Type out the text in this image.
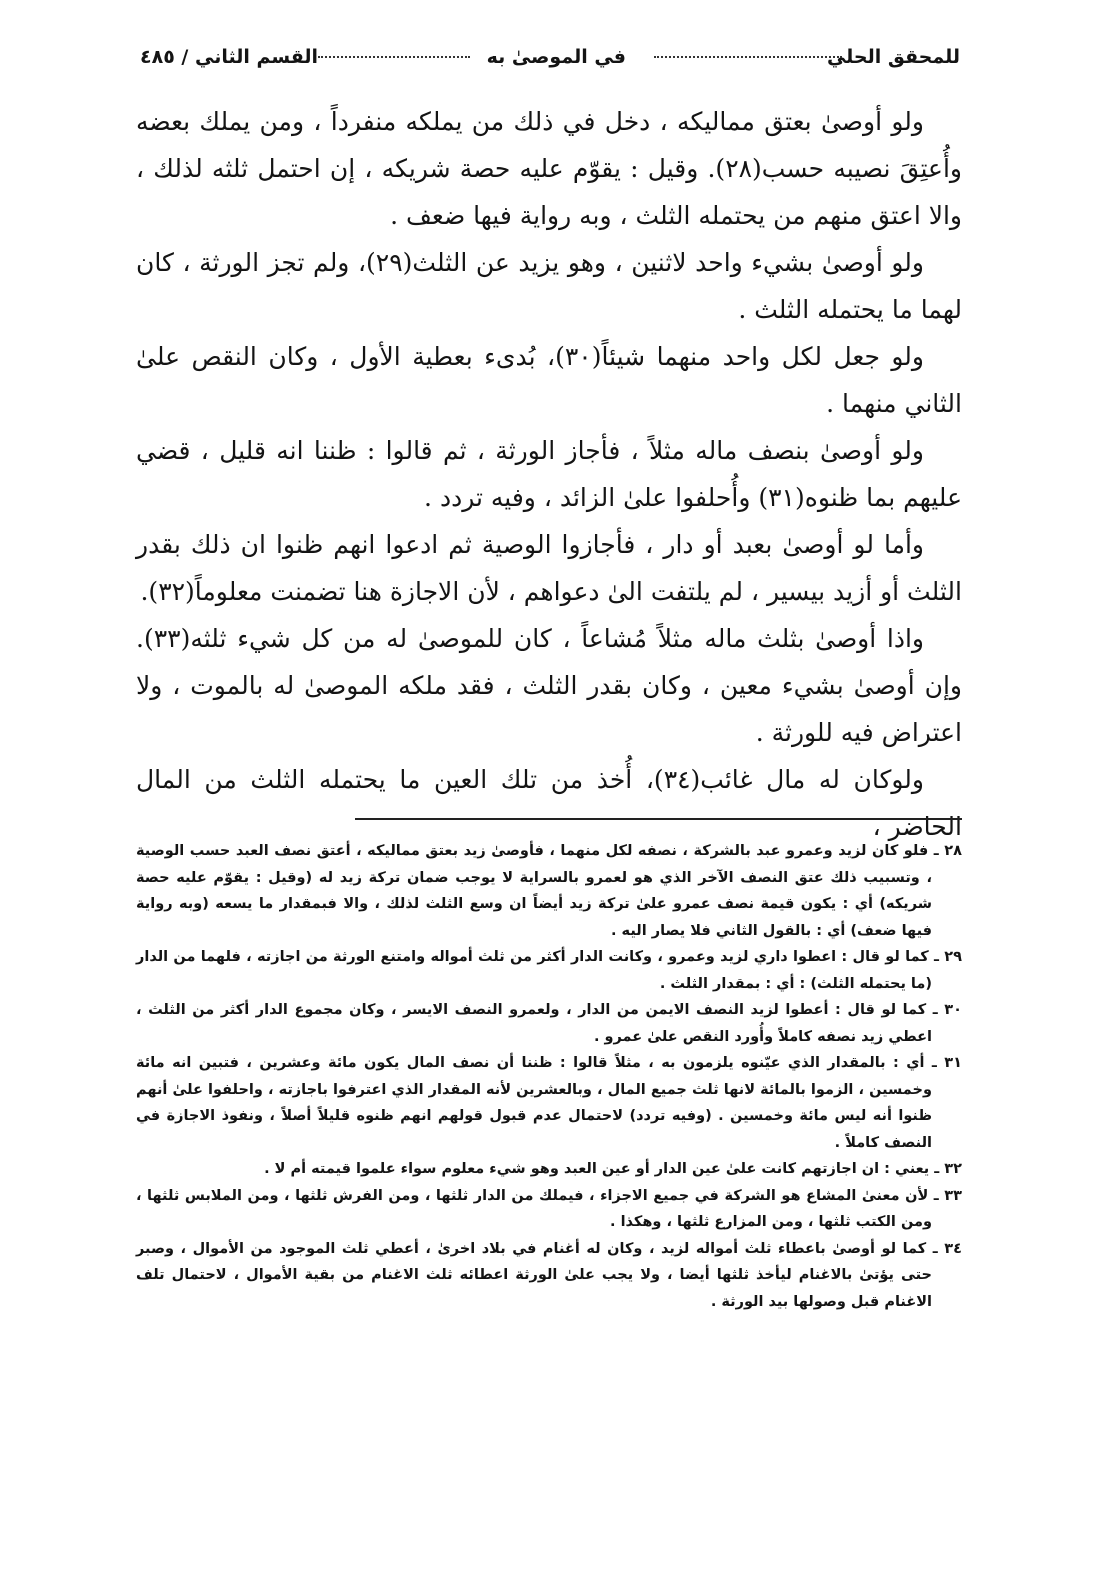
للمحقق الحلي
في الموصىٰ به
القسم الثاني / ٤٨٥

ولو أوصىٰ بعتق مماليكه ، دخل في ذلك من يملكه منفرداً ، ومن يملك بعضه وأُعتِقَ نصيبه حسب(٢٨). وقيل : يقوّم عليه حصة شريكه ، إن احتمل ثلثه لذلك ، والا اعتق منهم من يحتمله الثلث ، وبه رواية فيها ضعف .

ولو أوصىٰ بشيء واحد لاثنين ، وهو يزيد عن الثلث(٢٩)، ولم تجز الورثة ، كان لهما ما يحتمله الثلث .

ولو جعل لكل واحد منهما شيئاً(٣٠)، بُدىء بعطية الأول ، وكان النقص علىٰ الثاني منهما .

ولو أوصىٰ بنصف ماله مثلاً ، فأجاز الورثة ، ثم قالوا : ظننا انه قليل ، قضي عليهم بما ظنوه(٣١) وأُحلفوا علىٰ الزائد ، وفيه تردد .

وأما لو أوصىٰ بعبد أو دار ، فأجازوا الوصية ثم ادعوا انهم ظنوا ان ذلك بقدر الثلث أو أزيد بيسير ، لم يلتفت الىٰ دعواهم ، لأن الاجازة هنا تضمنت معلوماً(٣٢).

واذا أوصىٰ بثلث ماله مثلاً مُشاعاً ، كان للموصىٰ له من كل شيء ثلثه(٣٣). وإن أوصىٰ بشيء معين ، وكان بقدر الثلث ، فقد ملكه الموصىٰ له بالموت ، ولا اعتراض فيه للورثة .

ولوكان له مال غائب(٣٤)، أُخذ من تلك العين ما يحتمله الثلث من المال الحاضر ،

٢٨ ـ فلو كان لزيد وعمرو عبد بالشركة ، نصفه لكل منهما ، فأوصىٰ زيد بعتق مماليكه ، أعتق نصف العبد حسب الوصية ، وتسبيب ذلك عتق النصف الآخر الذي هو لعمرو بالسراية لا يوجب ضمان تركة زيد له (وقيل : يقوّم عليه حصة شريكه) أي : يكون قيمة نصف عمرو علىٰ تركة زيد أيضاً ان وسع الثلث لذلك ، والا فبمقدار ما يسعه (وبه رواية فيها ضعف) أي : بالقول الثاني فلا يصار اليه .

٢٩ ـ كما لو قال : اعطوا داري لزيد وعمرو ، وكانت الدار أكثر من ثلث أمواله وامتنع الورثة من اجازته ، فلهما من الدار (ما يحتمله الثلث) : أي : بمقدار الثلث .

٣٠ ـ كما لو قال : أعطوا لزيد النصف الايمن من الدار ، ولعمرو النصف الايسر ، وكان مجموع الدار أكثر من الثلث ، اعطي زيد نصفه كاملاً وأُورد النقص علىٰ عمرو .

٣١ ـ أي : بالمقدار الذي عيّنوه يلزمون به ، مثلاً قالوا : ظننا أن نصف المال يكون مائة وعشرين ، فتبين انه مائة وخمسين ، الزموا بالمائة لانها ثلث جميع المال ، وبالعشرين لأنه المقدار الذي اعترفوا باجازته ، واحلفوا علىٰ أنهم ظنوا أنه ليس مائة وخمسين . (وفيه تردد) لاحتمال عدم قبول قولهم انهم ظنوه قليلاً أصلاً ، ونفوذ الاجازة في النصف كاملاً .

٣٢ ـ يعني : ان اجازتهم كانت علىٰ عين الدار أو عين العبد وهو شيء معلوم سواء علموا قيمته أم لا .

٣٣ ـ لأن معنىٰ المشاع هو الشركة في جميع الاجزاء ، فيملك من الدار ثلثها ، ومن الفرش ثلثها ، ومن الملابس ثلثها ، ومن الكتب ثلثها ، ومن المزارع ثلثها ، وهكذا .

٣٤ ـ كما لو أوصىٰ باعطاء ثلث أمواله لزيد ، وكان له أغنام في بلاد اخرىٰ ، أعطي ثلث الموجود من الأموال ، وصبر حتى يؤتىٰ بالاغنام ليأخذ ثلثها أيضا ، ولا يجب علىٰ الورثة اعطائه ثلث الاغنام من بقية الأموال ، لاحتمال تلف الاغنام قبل وصولها بيد الورثة .
